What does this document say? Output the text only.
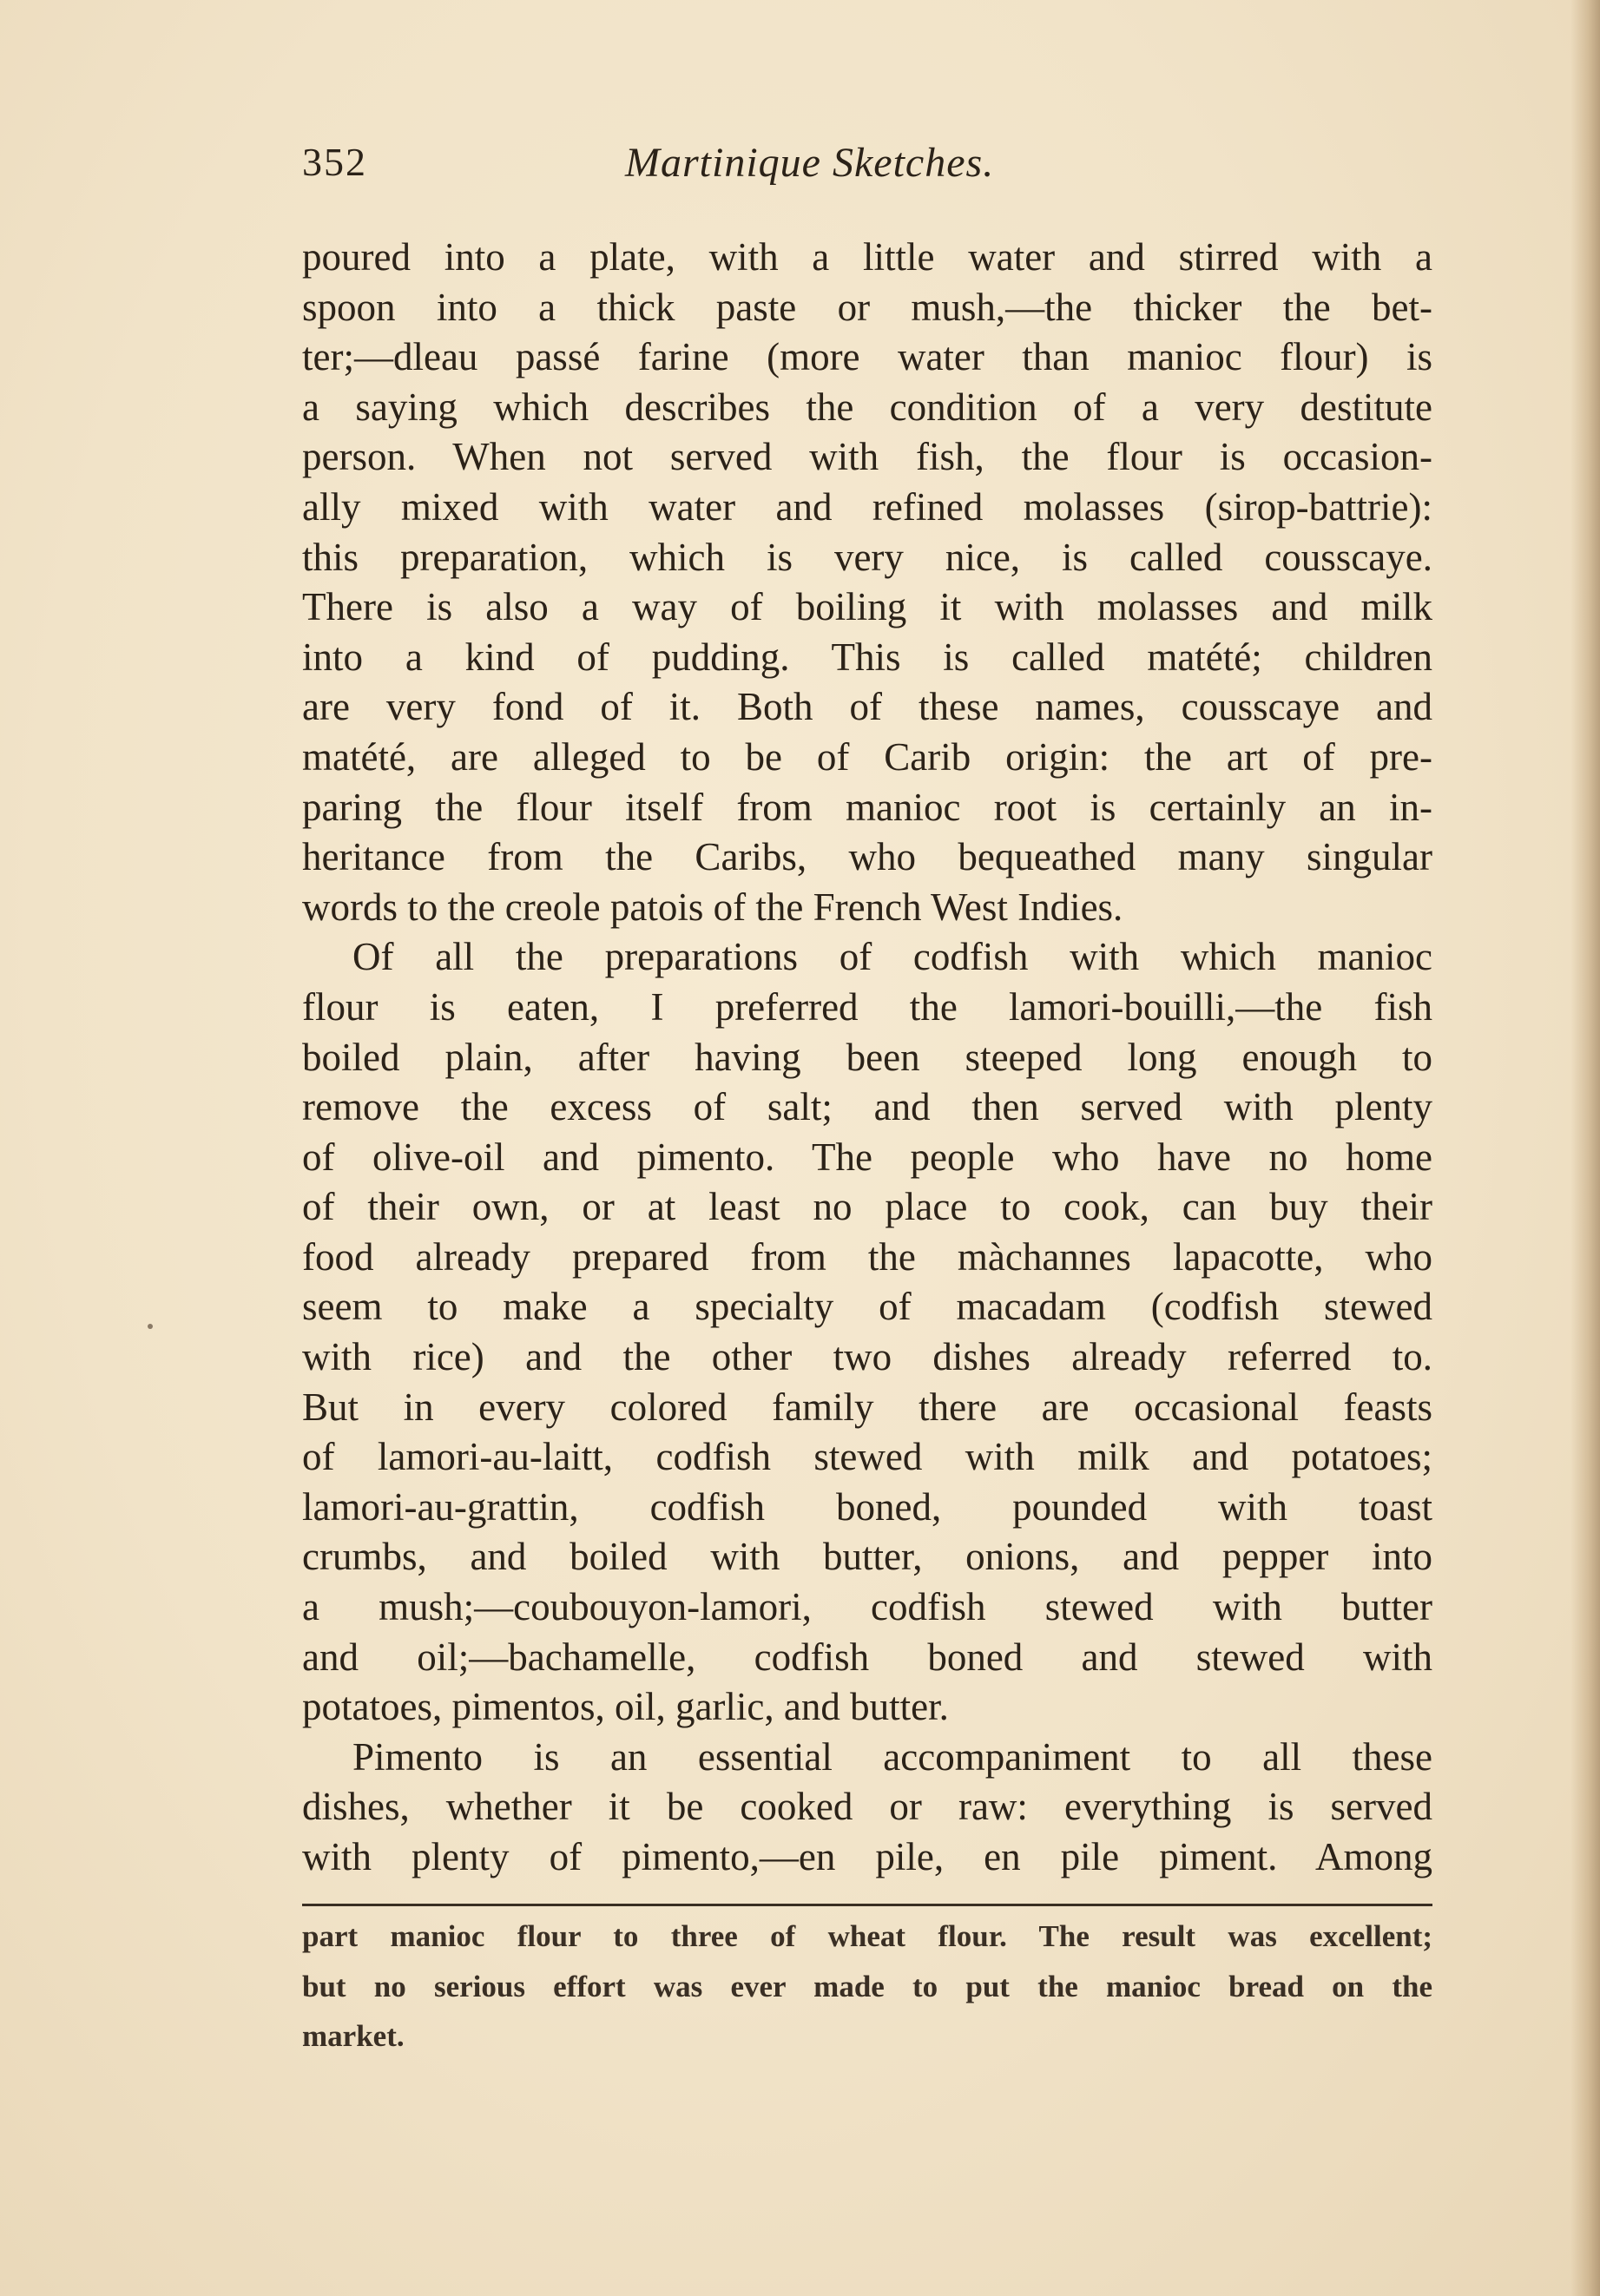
352	Martinique Sketches.
poured into a plate, with a little water and stirred with a
spoon into a thick paste or mush,—the thicker the bet-
ter;—dleau passé farine (more water than manioc flour) is
a saying which describes the condition of a very destitute
person. When not served with fish, the flour is occasion-
ally mixed with water and refined molasses (sirop-battrie):
this preparation, which is very nice, is called cousscaye.
There is also a way of boiling it with molasses and milk
into a kind of pudding. This is called matété; children
are very fond of it. Both of these names, cousscaye and
matété, are alleged to be of Carib origin: the art of pre-
paring the flour itself from manioc root is certainly an in-
heritance from the Caribs, who bequeathed many singular
words to the creole patois of the French West Indies.
Of all the preparations of codfish with which manioc
flour is eaten, I preferred the lamori-bouilli,—the fish
boiled plain, after having been steeped long enough to
remove the excess of salt; and then served with plenty
of olive-oil and pimento. The people who have no home
of their own, or at least no place to cook, can buy their
food already prepared from the màchannes lapacotte, who
seem to make a specialty of macadam (codfish stewed
with rice) and the other two dishes already referred to.
But in every colored family there are occasional feasts
of lamori-au-laitt, codfish stewed with milk and potatoes;
lamori-au-grattin, codfish boned, pounded with toast
crumbs, and boiled with butter, onions, and pepper into
a mush;—coubouyon-lamori, codfish stewed with butter
and oil;—bachamelle, codfish boned and stewed with
potatoes, pimentos, oil, garlic, and butter.
Pimento is an essential accompaniment to all these
dishes, whether it be cooked or raw: everything is served
with plenty of pimento,—en pile, en pile piment. Among
part manioc flour to three of wheat flour. The result was excellent;
but no serious effort was ever made to put the manioc bread on the
market.
